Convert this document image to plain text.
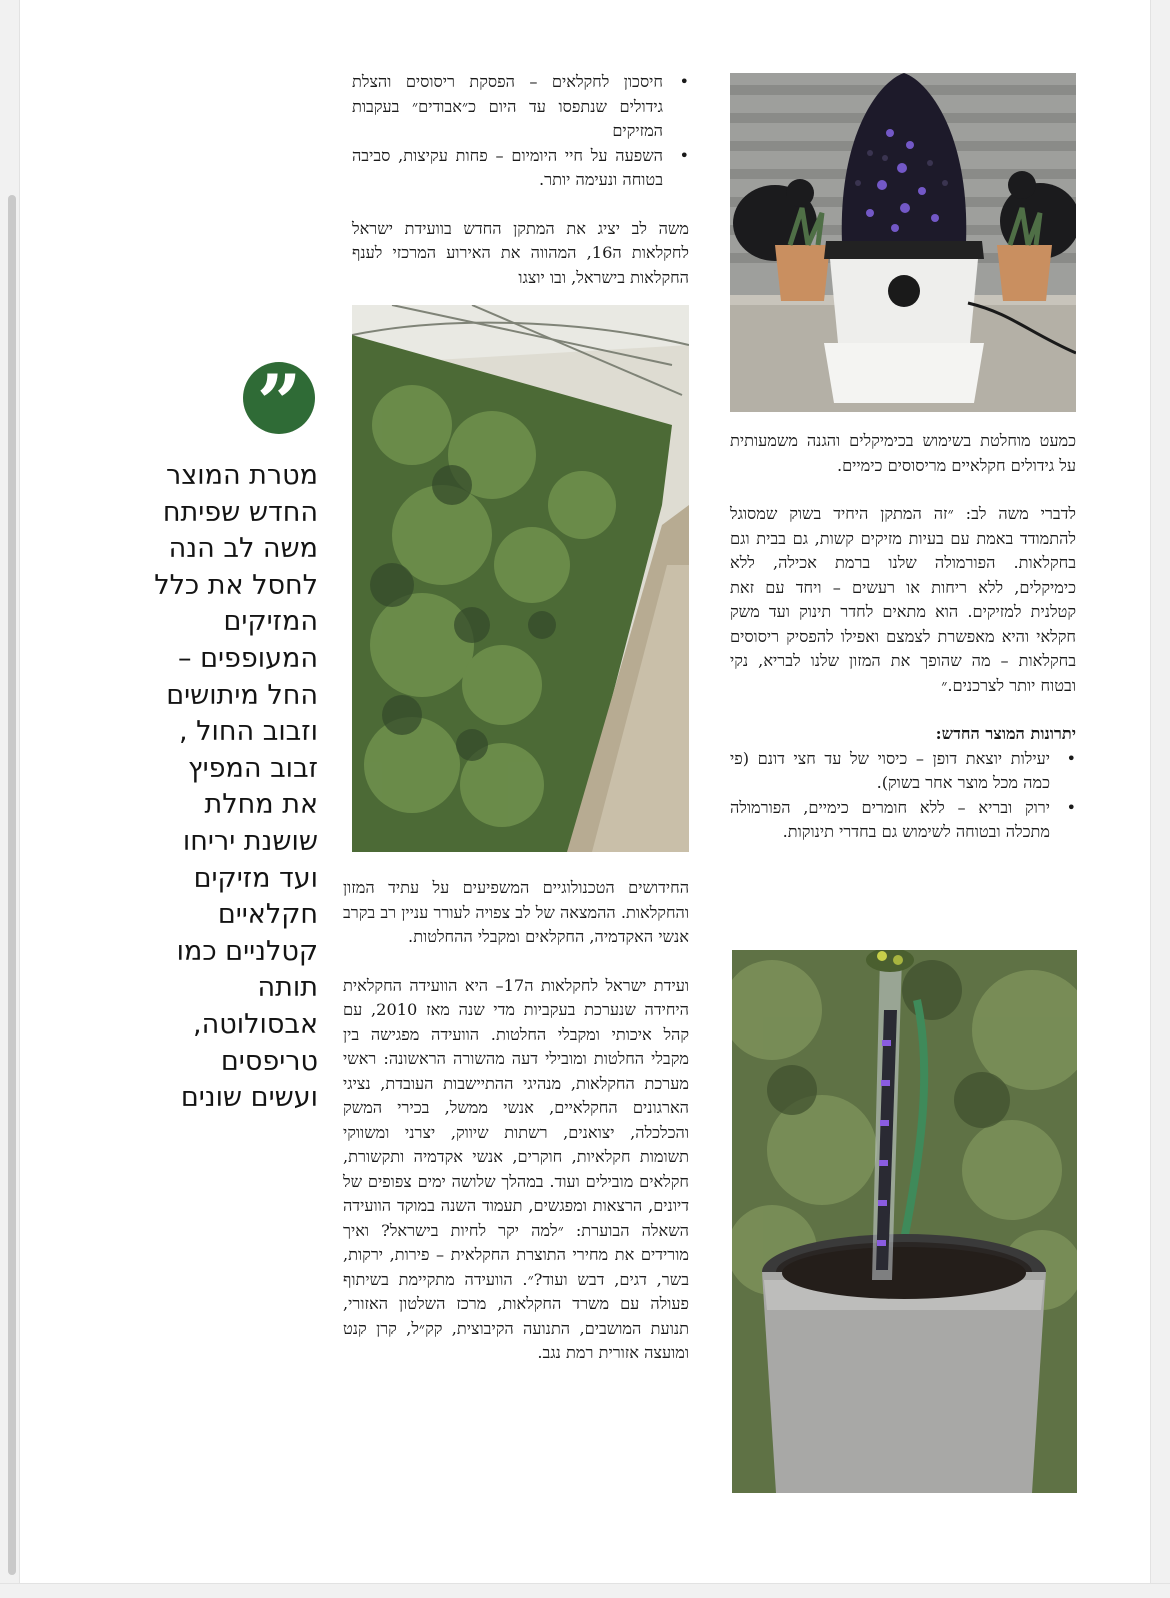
כמעט מוחלטת בשימוש בכימיקלים והגנה משמעותית על גידולים חקלאיים מריסוסים כימיים.

לדברי משה לב: ״זה המתקן היחיד בשוק שמסוגל להתמודד באמת עם בעיות מזיקים קשות, גם בבית וגם בחקלאות. הפורמולה שלנו ברמת אכילה, ללא כימיקלים, ללא ריחות או רעשים – ויחד עם זאת קטלנית למזיקים. הוא מתאים לחדר תינוק ועד משק חקלאי והיא מאפשרת לצמצם ואפילו להפסיק ריסוסים בחקלאות – מה שהופך את המזון שלנו לבריא, נקי ובטוח יותר לצרכנים.״

יתרונות המוצר החדש:

•
יעילות יוצאת דופן – כיסוי של עד חצי דונם (פי כמה מכל מוצר אחר בשוק).
•
ירוק ובריא – ללא חומרים כימיים, הפורמולה מתכלה ובטוחה לשימוש גם בחדרי תינוקות.
•
חיסכון לחקלאים – הפסקת ריסוסים והצלת גידולים שנתפסו עד היום כ״אבודים״ בעקבות המזיקים
•
השפעה על חיי היומיום – פחות עקיצות, סביבה בטוחה ונעימה יותר.

משה לב יציג את המתקן החדש בוועידת ישראל לחקלאות ה16, המהווה את האירוע המרכזי לענף החקלאות בישראל, ובו יוצגו

החידושים הטכנולוגיים המשפיעים על עתיד המזון והחקלאות. ההמצאה של לב צפויה לעורר עניין רב בקרב אנשי האקדמיה, החקלאים ומקבלי ההחלטות.

ועידת ישראל לחקלאות ה17– היא הוועידה החקלאית היחידה שנערכת בעקביות מדי שנה מאז 2010, עם קהל איכותי ומקבלי החלטות. הוועידה מפגישה בין מקבלי החלטות ומובילי דעה מהשורה הראשונה: ראשי מערכת החקלאות, מנהיגי ההתיישבות העובדת, נציגי הארגונים החקלאיים, אנשי ממשל, בכירי המשק והכלכלה, יצואנים, רשתות שיווק, יצרני ומשווקי תשומות חקלאיות, חוקרים, אנשי אקדמיה ותקשורת, חקלאים מובילים ועוד. במהלך שלושה ימים צפופים של דיונים, הרצאות ומפגשים, תעמוד השנה במוקד הוועידה השאלה הבוערת: ״למה יקר לחיות בישראל? ואיך מורידים את מחירי התוצרת החקלאית – פירות, ירקות, בשר, דגים, דבש ועוד?״. הוועידה מתקיימת בשיתוף פעולה עם משרד החקלאות, מרכז השלטון האזורי, תנועת המושבים, התנועה הקיבוצית, קק״ל, קרן קנט ומועצה אזורית רמת נגב.

”
מטרת המוצר החדש שפיתח משה לב הנה לחסל את כלל המזיקים המעופפים – החל מיתושים וזבוב החול , זבוב המפיץ את מחלת שושנת יריחו ועד מזיקים חקלאיים קטלניים כמו תותה אבסולוטה, טריפסים ועשים שונים
